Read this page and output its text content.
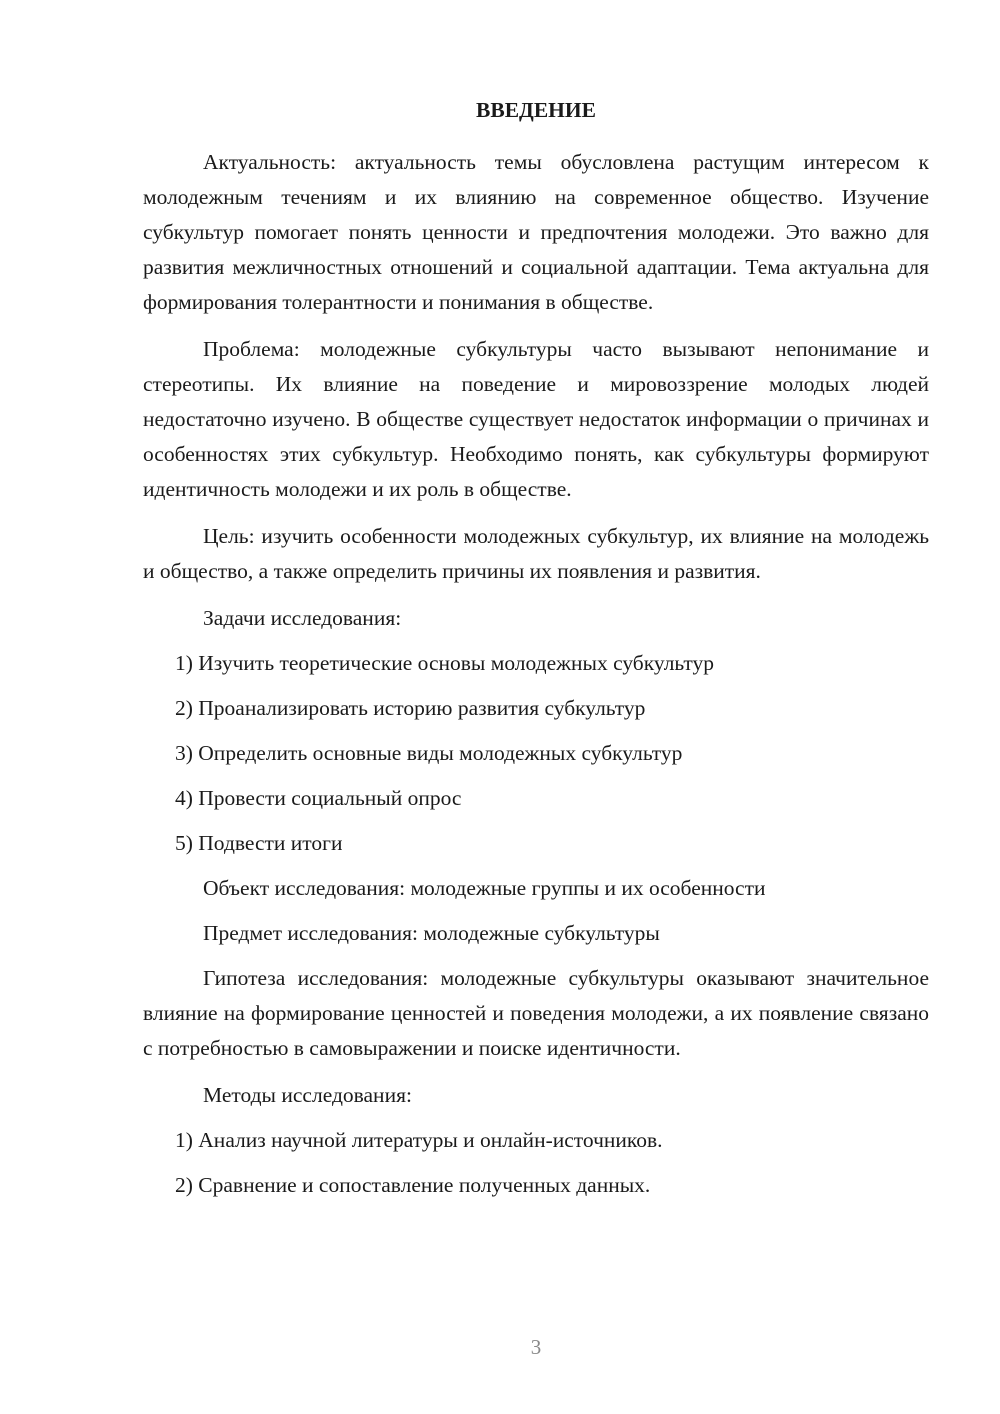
ВВЕДЕНИЕ

Актуальность: актуальность темы обусловлена растущим интересом к молодежным течениям и их влиянию на современное общество. Изучение субкультур помогает понять ценности и предпочтения молодежи. Это важно для развития межличностных отношений и социальной адаптации. Тема актуальна для формирования толерантности и понимания в обществе.

Проблема: молодежные субкультуры часто вызывают непонимание и стереотипы. Их влияние на поведение и мировоззрение молодых людей недостаточно изучено. В обществе существует недостаток информации о причинах и особенностях этих субкультур. Необходимо понять, как субкультуры формируют идентичность молодежи и их роль в обществе.

Цель: изучить особенности молодежных субкультур, их влияние на молодежь и общество, а также определить причины их появления и развития.

Задачи исследования:
1) Изучить теоретические основы молодежных субкультур
2) Проанализировать историю развития субкультур
3) Определить основные виды молодежных субкультур
4) Провести социальный опрос
5) Подвести итоги
Объект исследования: молодежные группы и их особенности
Предмет исследования: молодежные субкультуры

Гипотеза исследования: молодежные субкультуры оказывают значительное влияние на формирование ценностей и поведения молодежи, а их появление связано с потребностью в самовыражении и поиске идентичности.

Методы исследования:
1) Анализ научной литературы и онлайн-источников.
2) Сравнение и сопоставление полученных данных.
3
